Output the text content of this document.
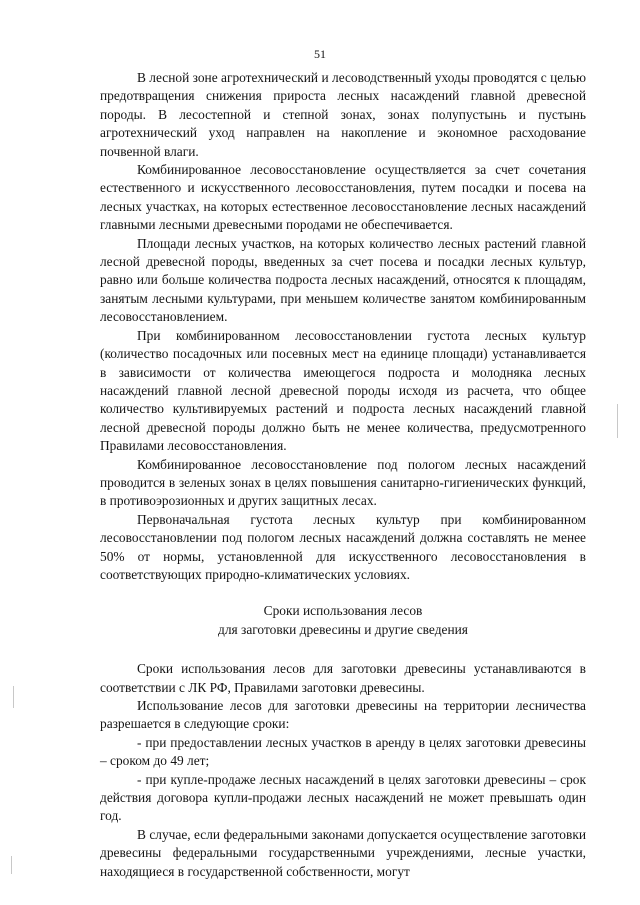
51

В лесной зоне агротехнический и лесоводственный уходы проводятся с целью предотвращения снижения прироста лесных насаждений главной древесной породы. В лесостепной и степной зонах, зонах полупустынь и пустынь агротехнический уход направлен на накопление и экономное расходование почвенной влаги.

Комбинированное лесовосстановление осуществляется за счет сочетания естественного и искусственного лесовосстановления, путем посадки и посева на лесных участках, на которых естественное лесовосстановление лесных насаждений главными лесными древесными породами не обеспечивается.

Площади лесных участков, на которых количество лесных растений главной лесной древесной породы, введенных за счет посева и посадки лесных культур, равно или больше количества подроста лесных насаждений, относятся к площадям, занятым лесными культурами, при меньшем количестве занятом комбинированным лесовосстановлением.

При комбинированном лесовосстановлении густота лесных культур (количество посадочных или посевных мест на единице площади) устанавливается в зависимости от количества имеющегося подроста и молодняка лесных насаждений главной лесной древесной породы исходя из расчета, что общее количество культивируемых растений и подроста лесных насаждений главной лесной древесной породы должно быть не менее количества, предусмотренного Правилами лесовосстановления.

Комбинированное лесовосстановление под пологом лесных насаждений проводится в зеленых зонах в целях повышения санитарно-гигиенических функций, в противоэрозионных и других защитных лесах.

Первоначальная густота лесных культур при комбинированном лесовосстановлении под пологом лесных насаждений должна составлять не менее 50% от нормы, установленной для искусственного лесовосстановления в соответствующих природно-климатических условиях.

Сроки использования лесов
для заготовки древесины и другие сведения

Сроки использования лесов для заготовки древесины устанавливаются в соответствии с ЛК РФ, Правилами заготовки древесины.

Использование лесов для заготовки древесины на территории лесничества разрешается в следующие сроки:

- при предоставлении лесных участков в аренду в целях заготовки древесины – сроком до 49 лет;

- при купле-продаже лесных насаждений в целях заготовки древесины – срок действия договора купли-продажи лесных насаждений не может превышать один год.

В случае, если федеральными законами допускается осуществление заготовки древесины федеральными государственными учреждениями, лесные участки, находящиеся в государственной собственности, могут
